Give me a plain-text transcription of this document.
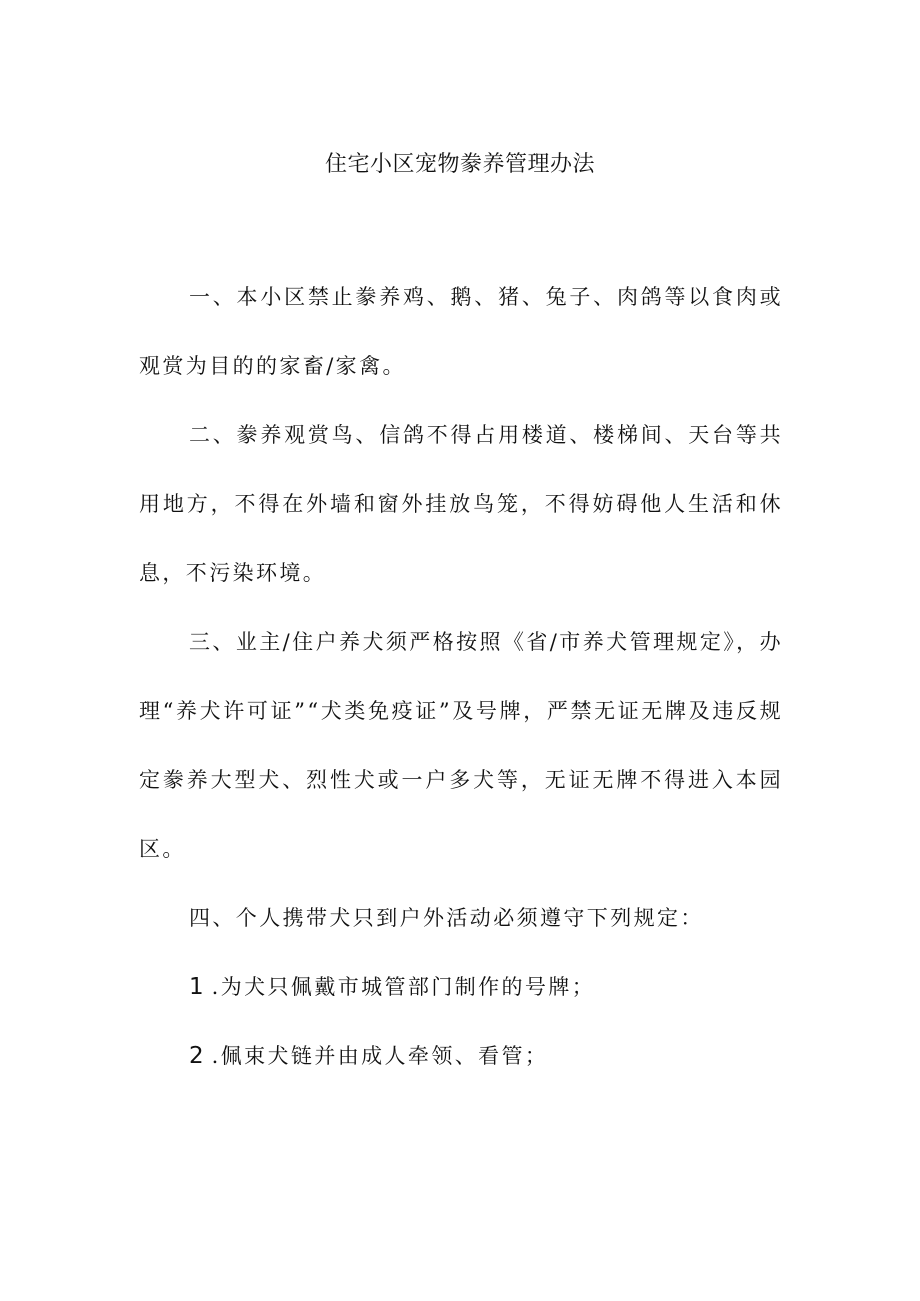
住宅小区宠物豢养管理办法

一、本小区禁止豢养鸡、鹅、猪、兔子、肉鸽等以食肉或观赏为目的的家畜/家禽。

二、豢养观赏鸟、信鸽不得占用楼道、楼梯间、天台等共用地方，不得在外墙和窗外挂放鸟笼，不得妨碍他人生活和休息，不污染环境。

三、业主/住户养犬须严格按照《省/市养犬管理规定》，办理“养犬许可证”“犬类免疫证”及号牌，严禁无证无牌及违反规定豢养大型犬、烈性犬或一户多犬等，无证无牌不得进入本园区。

四、个人携带犬只到户外活动必须遵守下列规定：

1 .为犬只佩戴市城管部门制作的号牌；
2 .佩束犬链并由成人牵领、看管；
